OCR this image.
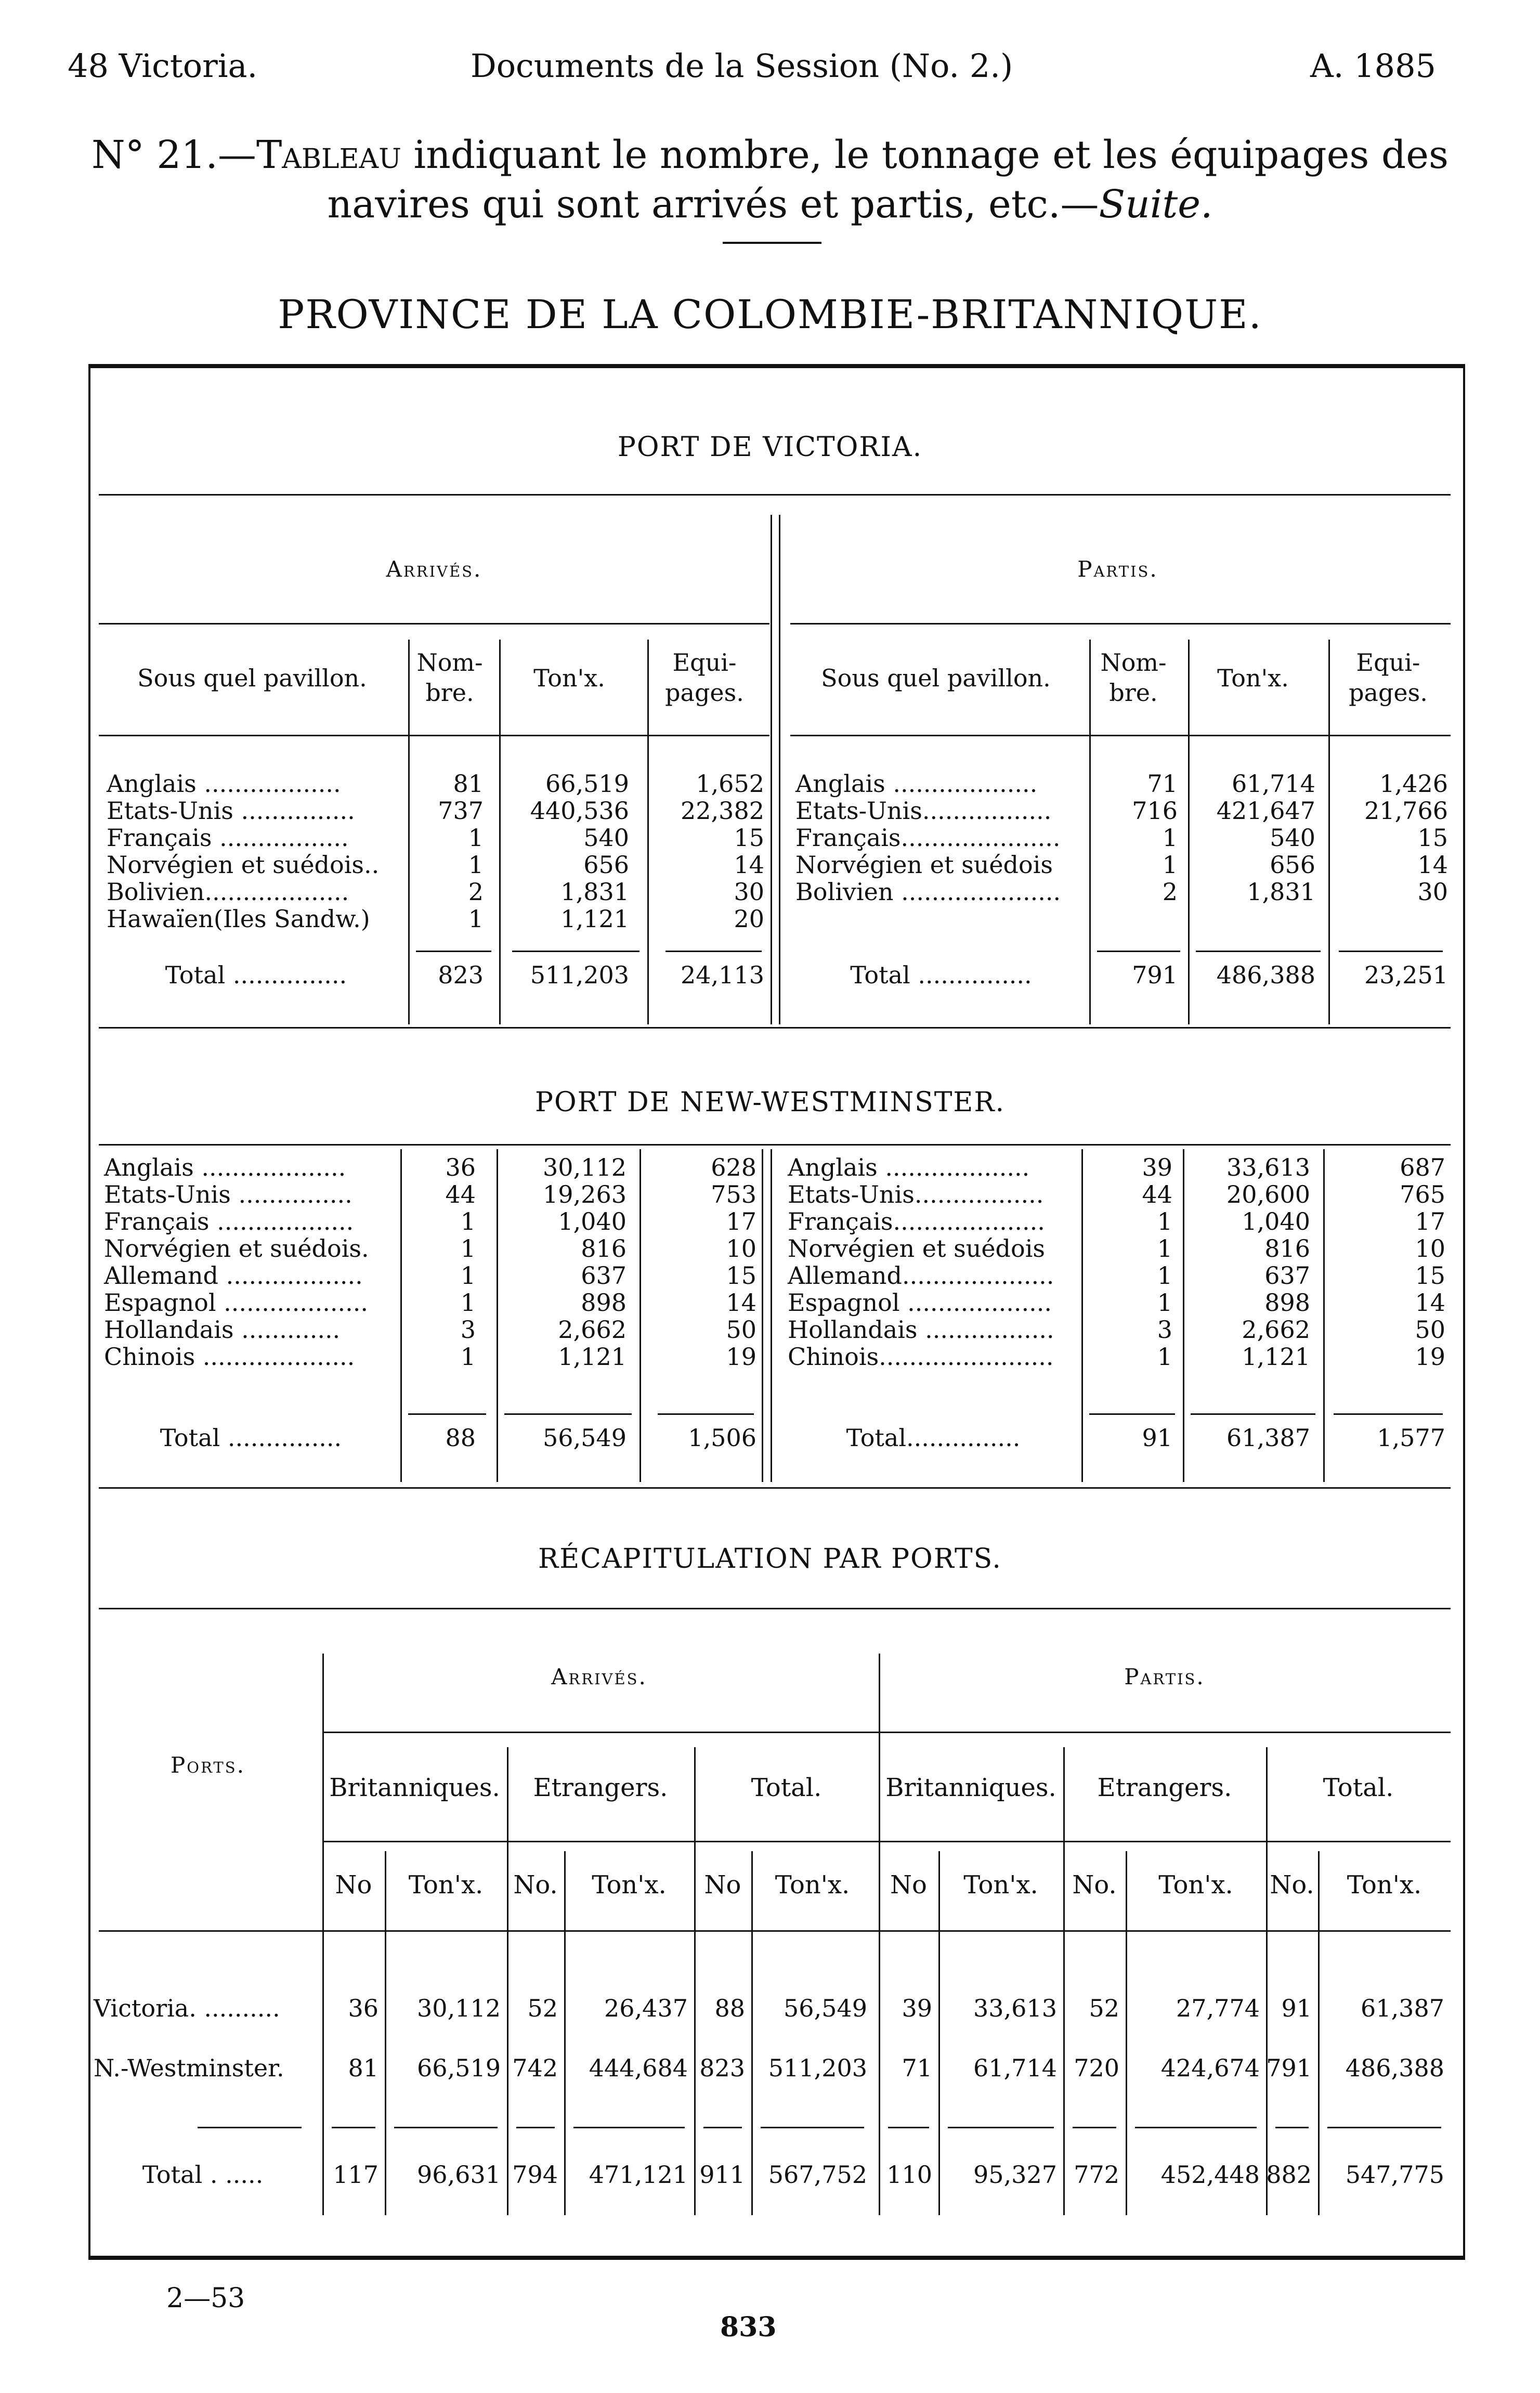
48 Victoria.	Documents de la Session (No. 2.)	A. 1885
N° 21.—Tableau indiquant le nombre, le tonnage et les équipages des
navires qui sont arrivés et partis, etc.—Suite.
PROVINCE DE LA COLOMBIE-BRITANNIQUE.
PORT DE VICTORIA.
Arrivés.	Partis.
Sous quel pavillon.
Nom-
bre.
Ton'x.
Equi-
pages.
Sous quel pavillon.
Nom-
bre.
Ton'x.
Equi-
pages.
Anglais ..................	81	66,519	1,652
Etats-Unis ...............	737	440,536	22,382
Français .................	1	540	15
Norvégien et suédois..	1	656	14
Bolivien...................	2	1,831	30
Hawaïen(Iles Sandw.)	1	1,121	20
Total ...............	823	511,203	24,113
Anglais ...................	71	61,714	1,426
Etats-Unis.................	716	421,647	21,766
Français.....................	1	540	15
Norvégien et suédois	1	656	14
Bolivien .....................	2	1,831	30
Total ...............	791	486,388	23,251
PORT DE NEW-WESTMINSTER.
Anglais ...................	36	30,112	628
Etats-Unis ...............	44	19,263	753
Français ..................	1	1,040	17
Norvégien et suédois.	1	816	10
Allemand ..................	1	637	15
Espagnol ...................	1	898	14
Hollandais .............	3	2,662	50
Chinois ....................	1	1,121	19
Total ...............	88	56,549	1,506
Anglais ...................	39	33,613	687
Etats-Unis.................	44	20,600	765
Français....................	1	1,040	17
Norvégien et suédois	1	816	10
Allemand....................	1	637	15
Espagnol ...................	1	898	14
Hollandais .................	3	2,662	50
Chinois.......................	1	1,121	19
Total...............	91	61,387	1,577
RÉCAPITULATION PAR PORTS.
Arrivés.	Partis.
Ports.
Britanniques.	Etrangers.	Total.	Britanniques.	Etrangers.	Total.
No	Ton'x.	No.	Ton'x.	No	Ton'x.	No	Ton'x.	No.	Ton'x.	No.	Ton'x.
Victoria. ..........	36	30,112	52	26,437	88	56,549	39	33,613	52	27,774 91	61,387
N.-Westminster.	81	66,519 742	444,684 823 511,203	71	61,714 720	424,674 791	486,388
Total . .....	117	96,631 794	471,121 911 567,752 110	95,327 772	452,448 882	547,775
2—53
833
